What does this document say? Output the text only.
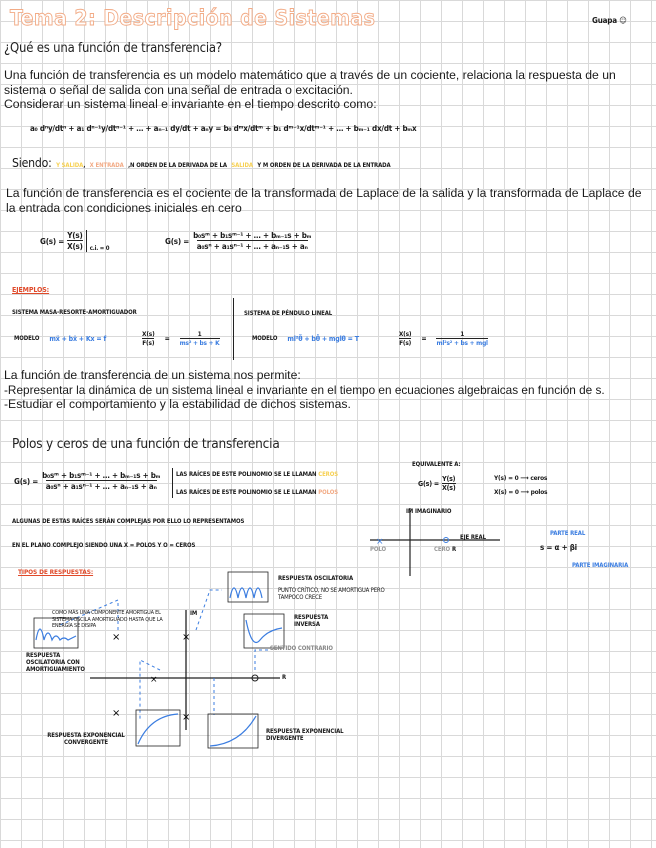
Tema 2: Descripción de Sistemas	Guapa ☺
¿Qué es una función de transferencia?
Una función de transferencia es un modelo matemático que a través de un cociente, relaciona la respuesta de un sistema o señal de salida con una señal de entrada o excitación.
Considerar un sistema lineal e invariante en el tiempo descrito como:
a₀ dⁿy/dtⁿ + a₁ dⁿ⁻¹y/dtⁿ⁻¹ + … + aₙ₋₁ dy/dt + aₙy = b₀ dᵐx/dtᵐ + b₁ dᵐ⁻¹x/dtᵐ⁻¹ + … + bₘ₋₁ dx/dt + bₘx
Siendo: Y SALIDA, X ENTRADA ,N ORDEN DE LA DERIVADA DE LA SALIDA Y M ORDEN DE LA DERIVADA DE LA ENTRADA
La función de transferencia es el cociente de la transformada de Laplace de la salida y la transformada de Laplace de la entrada con condiciones iniciales en cero
$G(s) = \frac{Y(s)}{X(s)} c.i$. = 0
$G(s) = \frac{\text{b₀sᵐ + b₁sᵐ⁻¹ + … + bₘ₋₁s + bₘ}}{\text{a₀sⁿ + a₁sⁿ⁻¹ + … + aₙ₋₁s + aₙ}}$
EJEMPLOS:
SISTEMA MASA-RESORTE-AMORTIGUADOR
MODELO mẍ + bẋ + Kx = f	$\frac{X(s)}{F(s)} = \frac{1}{\text{ms² + bs + K}}$
SISTEMA DE PÉNDULO LINEAL
MODELO ml²θ̈ + bθ̇ + mglθ = T	$\frac{X(s)}{F(s)}$ =
1
ml²s² + bs + mgl
La función de transferencia de un sistema nos permite:
-Representar la dinámica de un sistema lineal e invariante en el tiempo en ecuaciones algebraicas en función de s.
-Estudiar el comportamiento y la estabilidad de dichos sistemas.
Polos y ceros de una función de transferencia
$G(s) = \frac{\text{b₀sᵐ + b₁sᵐ⁻¹ + … + bₘ₋₁s + bₘ}}{\text{a₀sⁿ + a₁sⁿ⁻¹ + … + aₙ₋₁s + aₙ}}$	LAS RAÍCES DE ESTE POLINOMIO SE LE LLAMAN CEROS
LAS RAÍCES DE ESTE POLINOMIO SE LE LLAMAN POLOS
EQUIVALENTE A:
$G(s) = \frac{Y(s)}{X(s)}$	Y(s) = 0 ⟶ ceros
X(s) = 0 ⟶ polos
ALGUNAS DE ESTAS RAÍCES SERÁN COMPLEJAS POR ELLO LO REPRESENTAMOS
EN EL PLANO COMPLEJO SIENDO UNA X = POLOS Y O = CEROS	×
IM IMAGINARIO
EJE REAL
POLO	CERO R
PARTE REAL
s = α + βi
PARTE IMAGINARIA
TIPOS DE RESPUESTAS:
×
×
×
×
×
IM
R
RESPUESTA OSCILATORIA
PUNTO CRÍTICO, NO SE AMORTIGUA PERO TAMPOCO CRECE
COMO MÁS UNA COMPONENTE AMORTIGUA EL SISTEMA OSCILA AMORTIGUADO HASTA QUE LA ENERGÍA SE DISIPA
RESPUESTA OSCILATORIA CON AMORTIGUAMIENTO
RESPUESTA INVERSA
SENTIDO CONTRARIO
RESPUESTA EXPONENCIAL CONVERGENTE
RESPUESTA EXPONENCIAL DIVERGENTE
